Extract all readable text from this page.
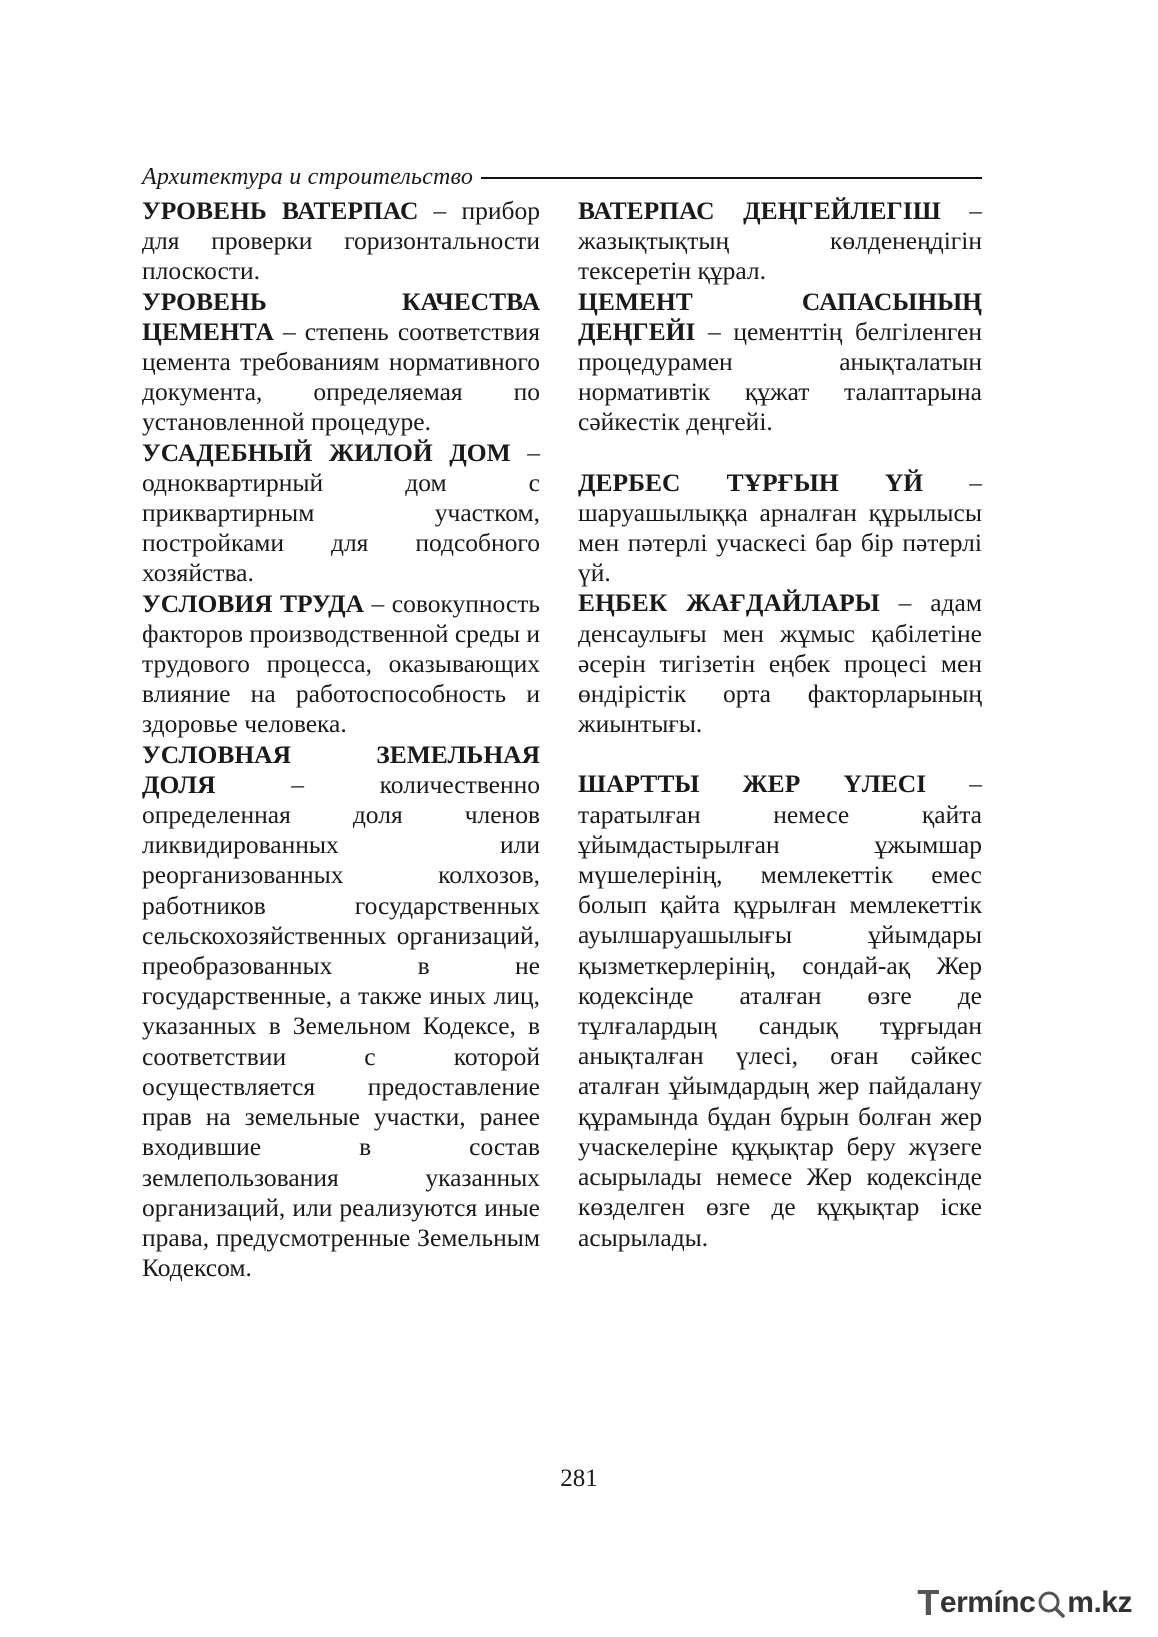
Архитектура и строительство

УРОВЕНЬ ВАТЕРПАС – прибор для проверки горизонтальности плоскости.

УРОВЕНЬ КАЧЕСТВА ЦЕМЕНТА – степень соответствия цемента требованиям нормативного документа, определяемая по установленной процедуре.

УСАДЕБНЫЙ ЖИЛОЙ ДОМ – одноквартирный дом с приквартирным участком, постройками для подсобного хозяйства.

УСЛОВИЯ ТРУДА – совокупность факторов производственной среды и трудового процесса, оказывающих влияние на работоспособность и здоровье человека.

УСЛОВНАЯ ЗЕМЕЛЬНАЯ ДОЛЯ – количественно определенная доля членов ликвидированных или реорганизованных колхозов, работников государственных сельскохозяйственных организаций, преобразованных в не государственные, а также иных лиц, указанных в Земельном Кодексе, в соответствии с которой осуществляется предоставление прав на земельные участки, ранее входившие в состав землепользования указанных организаций, или реализуются иные права, предусмотренные Земельным Кодексом.

ВАТЕРПАС ДЕҢГЕЙЛЕГІШ – жазықтықтың көлденеңдігін тексеретін құрал.

ЦЕМЕНТ САПАСЫНЫҢ ДЕҢГЕЙІ – цементтің белгіленген процедурамен анықталатын нормативтік құжат талаптарына сәйкестік деңгейі.

ДЕРБЕС ТҰРҒЫН ҮЙ – шаруашылыққа арналған құрылысы мен пәтерлі учаскесі бар бір пәтерлі үй.

ЕҢБЕК ЖАҒДАЙЛАРЫ – адам денсаулығы мен жұмыс қабілетіне әсерін тигізетін еңбек процесі мен өндірістік орта факторларының жиынтығы.

ШАРТТЫ ЖЕР ҮЛЕСІ – таратылған немесе қайта ұйымдастырылған ұжымшар мүшелерінің, мемлекеттік емес болып қайта құрылған мемлекеттік ауылшаруашылығы ұйымдары қызметкерлерінің, сондай-ақ Жер кодексінде аталған өзге де тұлғалардың сандық тұрғыдан анықталған үлесі, оған сәйкес аталған ұйымдардың жер пайдалану құрамында бұдан бұрын болған жер учаскелеріне құқықтар беру жүзеге асырылады немесе Жер кодексінде көзделген өзге де құқықтар іске асырылады.

281
T ermínc m.kz
